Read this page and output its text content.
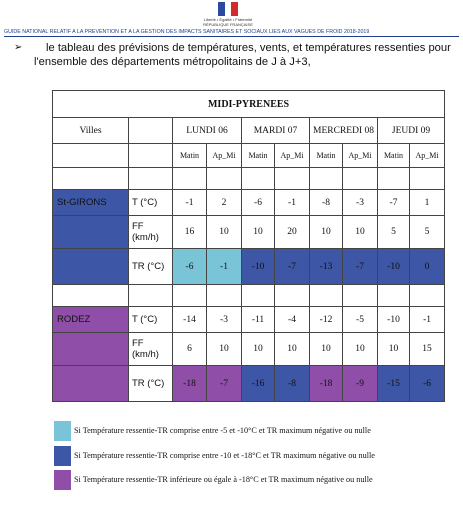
Liberté • Égalité • Fraternité
RÉPUBLIQUE FRANÇAISE
GUIDE NATIONAL RELATIF A LA PREVENTION ET A LA GESTION DES IMPACTS SANITAIRES ET SOCIAUX LIES AUX VAGUES DE FROID 2018-2019
➢	le tableau des prévisions de températures, vents, et températures ressenties pour
l'ensemble des départements métropolitains de J à J+3,
MIDI-PYRENEES									
Villes		LUNDI 06		MARDI 07		MERCREDI 08		JEUDI 09	
		Matin	Ap_Mi	Matin	Ap_Mi	Matin	Ap_Mi	Matin	Ap_Mi

St-GIRONS	T (°C)	-1	2	-6	-1	-8	-3	-7	1
	FF (km/h)	16	10	10	20	10	10	5	5
	TR (°C)	-6	-1	-10	-7	-13	-7	-10	0

RODEZ	T (°C)	-14	-3	-11	-4	-12	-5	-10	-1
	FF (km/h)	6	10	10	10	10	10	10	15
	TR (°C)	-18	-7	-16	-8	-18	-9	-15	-6
Si Température ressentie-TR comprise entre -5 et -10°C et TR maximum négative ou nulle
Si Température ressentie-TR comprise entre -10 et -18°C et TR maximum négative ou nulle
Si Température ressentie-TR inférieure ou égale à -18°C et TR maximum négative ou nulle
